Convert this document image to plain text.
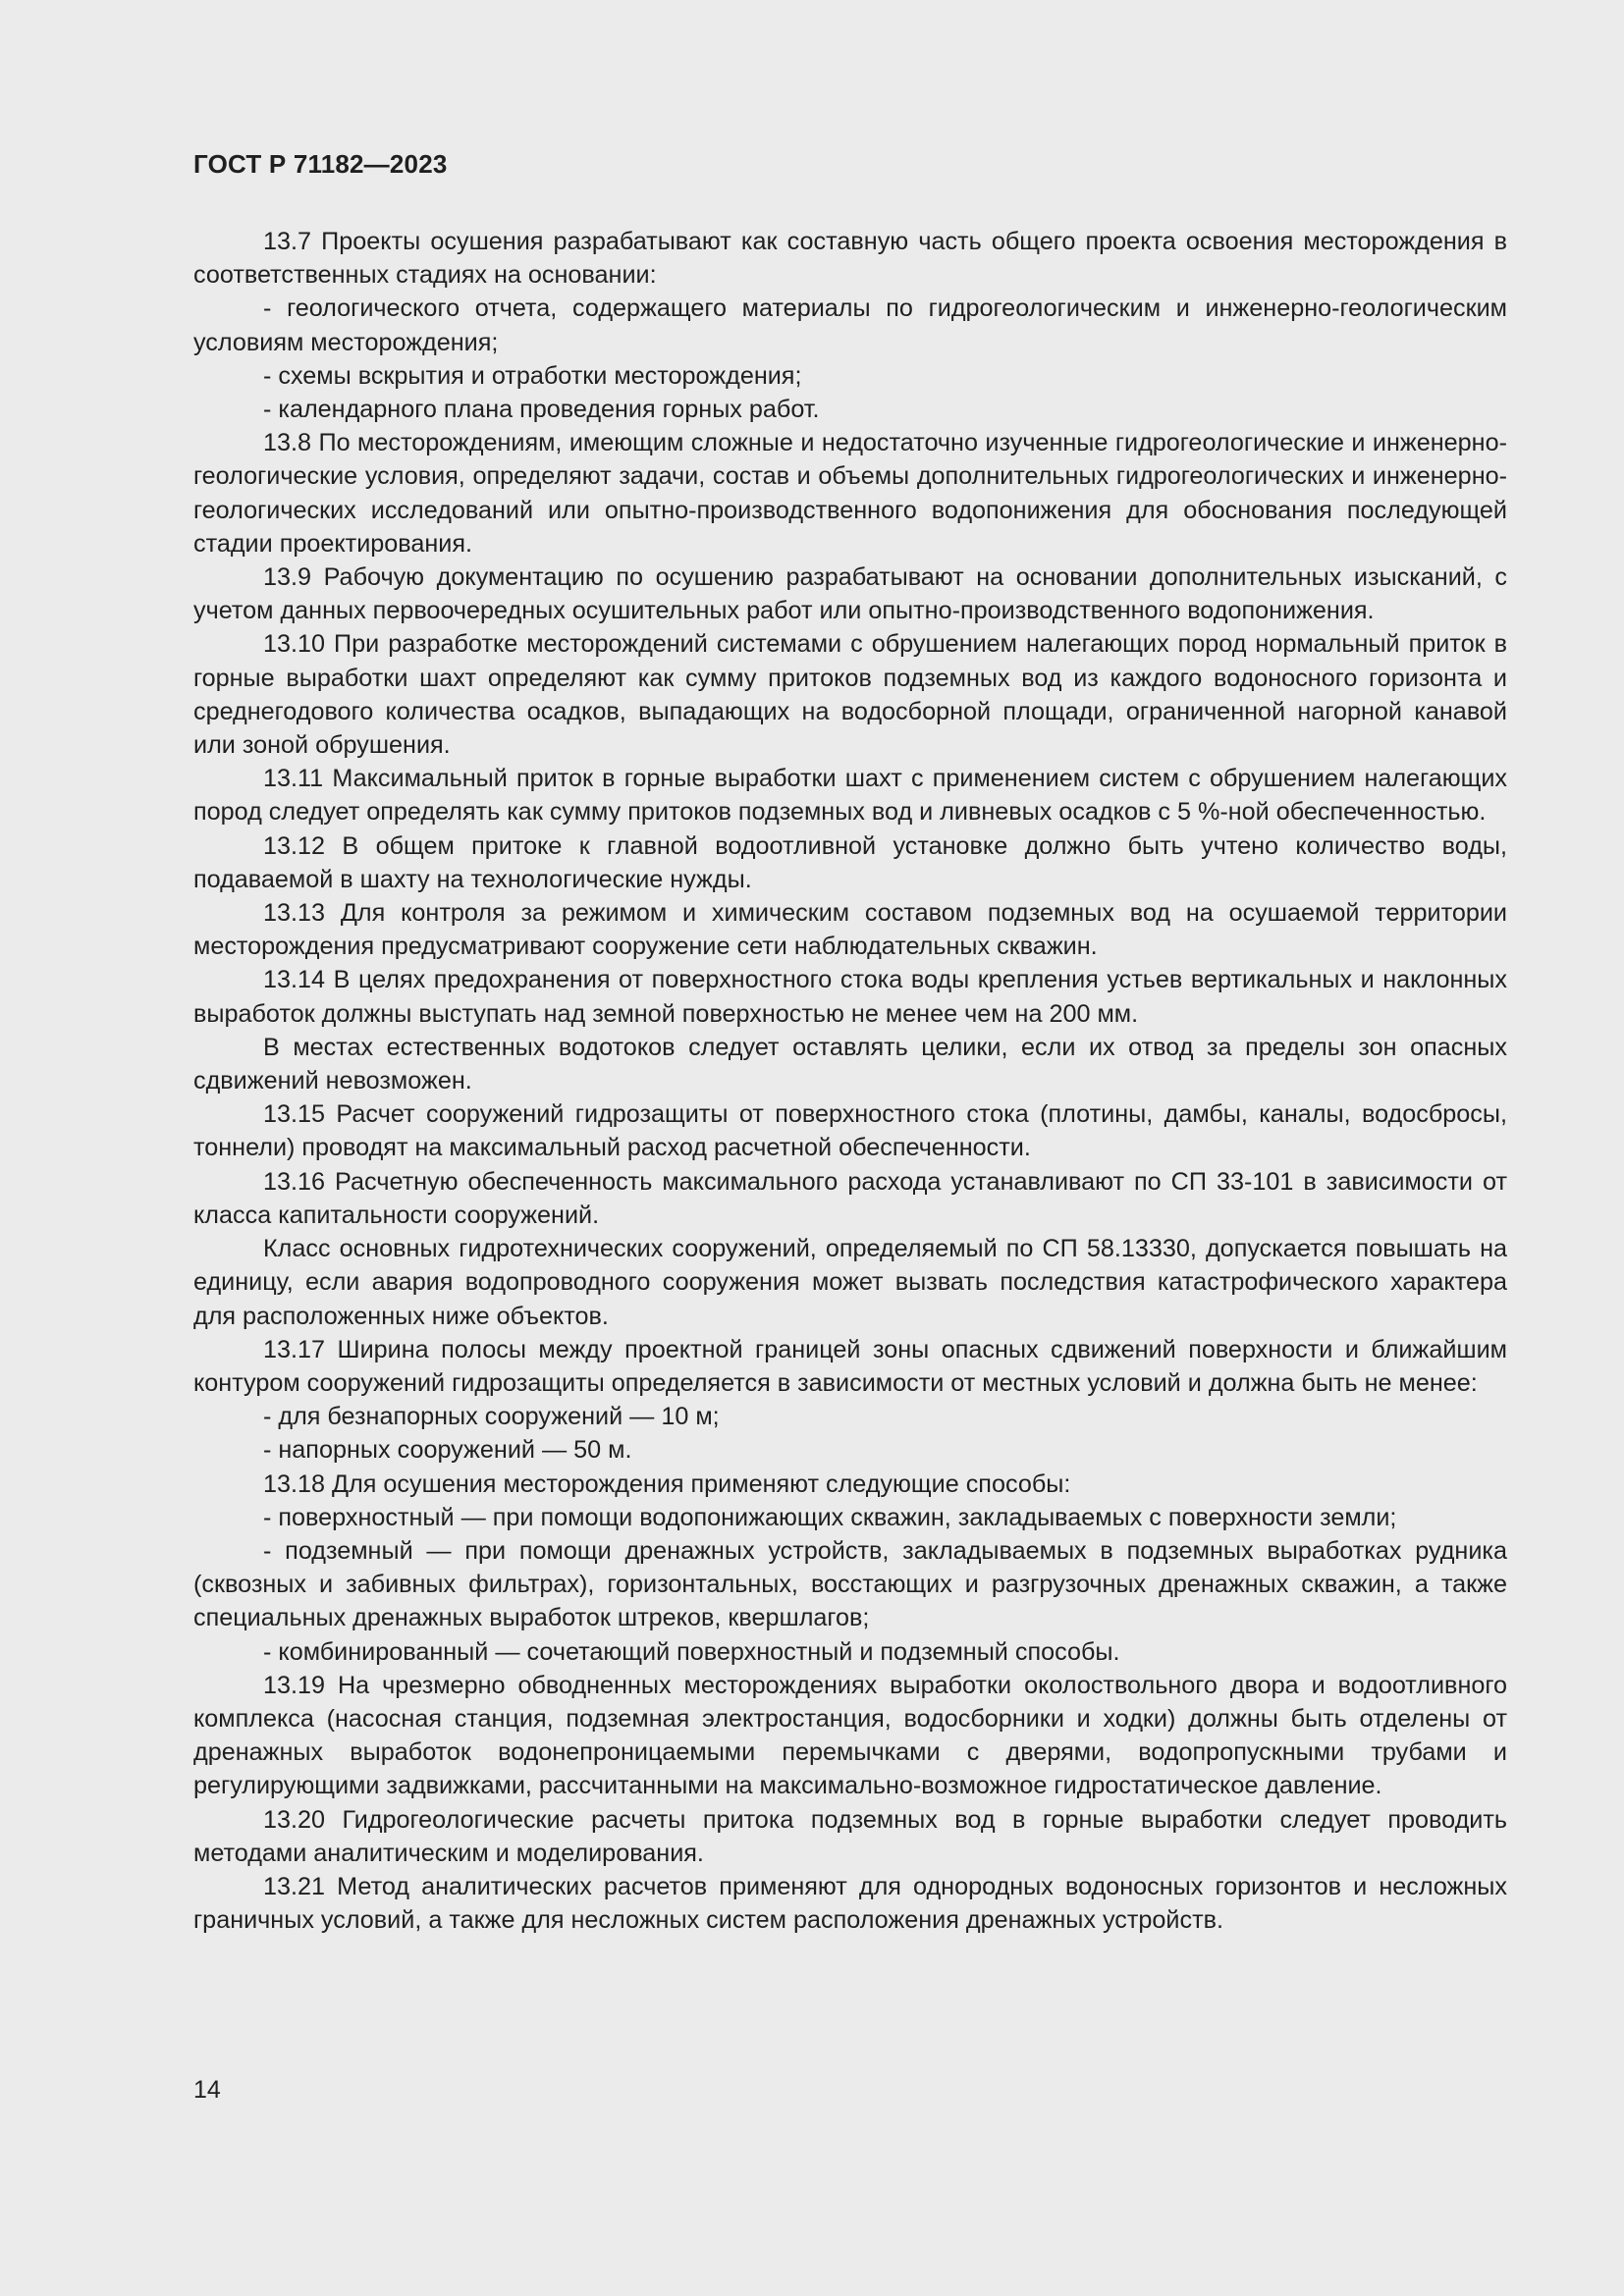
ГОСТ Р 71182—2023

13.7 Проекты осушения разрабатывают как составную часть общего проекта освоения месторождения в соответственных стадиях на основании:

- геологического отчета, содержащего материалы по гидрогеологическим и инженерно-геологическим условиям месторождения;

- схемы вскрытия и отработки месторождения;

- календарного плана проведения горных работ.

13.8 По месторождениям, имеющим сложные и недостаточно изученные гидрогеологические и инженерно-геологические условия, определяют задачи, состав и объемы дополнительных гидрогеологических и инженерно-геологических исследований или опытно-производственного водопонижения для обоснования последующей стадии проектирования.

13.9 Рабочую документацию по осушению разрабатывают на основании дополнительных изысканий, с учетом данных первоочередных осушительных работ или опытно-производственного водопонижения.

13.10 При разработке месторождений системами с обрушением налегающих пород нормальный приток в горные выработки шахт определяют как сумму притоков подземных вод из каждого водоносного горизонта и среднегодового количества осадков, выпадающих на водосборной площади, ограниченной нагорной канавой или зоной обрушения.

13.11 Максимальный приток в горные выработки шахт с применением систем с обрушением налегающих пород следует определять как сумму притоков подземных вод и ливневых осадков с 5 %-ной обеспеченностью.

13.12 В общем притоке к главной водоотливной установке должно быть учтено количество воды, подаваемой в шахту на технологические нужды.

13.13 Для контроля за режимом и химическим составом подземных вод на осушаемой территории месторождения предусматривают сооружение сети наблюдательных скважин.

13.14 В целях предохранения от поверхностного стока воды крепления устьев вертикальных и наклонных выработок должны выступать над земной поверхностью не менее чем на 200 мм.

В местах естественных водотоков следует оставлять целики, если их отвод за пределы зон опасных сдвижений невозможен.

13.15 Расчет сооружений гидрозащиты от поверхностного стока (плотины, дамбы, каналы, водосбросы, тоннели) проводят на максимальный расход расчетной обеспеченности.

13.16 Расчетную обеспеченность максимального расхода устанавливают по СП 33-101 в зависимости от класса капитальности сооружений.

Класс основных гидротехнических сооружений, определяемый по СП 58.13330, допускается повышать на единицу, если авария водопроводного сооружения может вызвать последствия катастрофического характера для расположенных ниже объектов.

13.17 Ширина полосы между проектной границей зоны опасных сдвижений поверхности и ближайшим контуром сооружений гидрозащиты определяется в зависимости от местных условий и должна быть не менее:

- для безнапорных сооружений — 10 м;

- напорных сооружений — 50 м.

13.18 Для осушения месторождения применяют следующие способы:

- поверхностный — при помощи водопонижающих скважин, закладываемых с поверхности земли;

- подземный — при помощи дренажных устройств, закладываемых в подземных выработках рудника (сквозных и забивных фильтрах), горизонтальных, восстающих и разгрузочных дренажных скважин, а также специальных дренажных выработок штреков, квершлагов;

- комбинированный — сочетающий поверхностный и подземный способы.

13.19 На чрезмерно обводненных месторождениях выработки околоствольного двора и водоотливного комплекса (насосная станция, подземная электростанция, водосборники и ходки) должны быть отделены от дренажных выработок водонепроницаемыми перемычками с дверями, водопропускными трубами и регулирующими задвижками, рассчитанными на максимально-возможное гидростатическое давление.

13.20 Гидрогеологические расчеты притока подземных вод в горные выработки следует проводить методами аналитическим и моделирования.

13.21 Метод аналитических расчетов применяют для однородных водоносных горизонтов и несложных граничных условий, а также для несложных систем расположения дренажных устройств.

14
